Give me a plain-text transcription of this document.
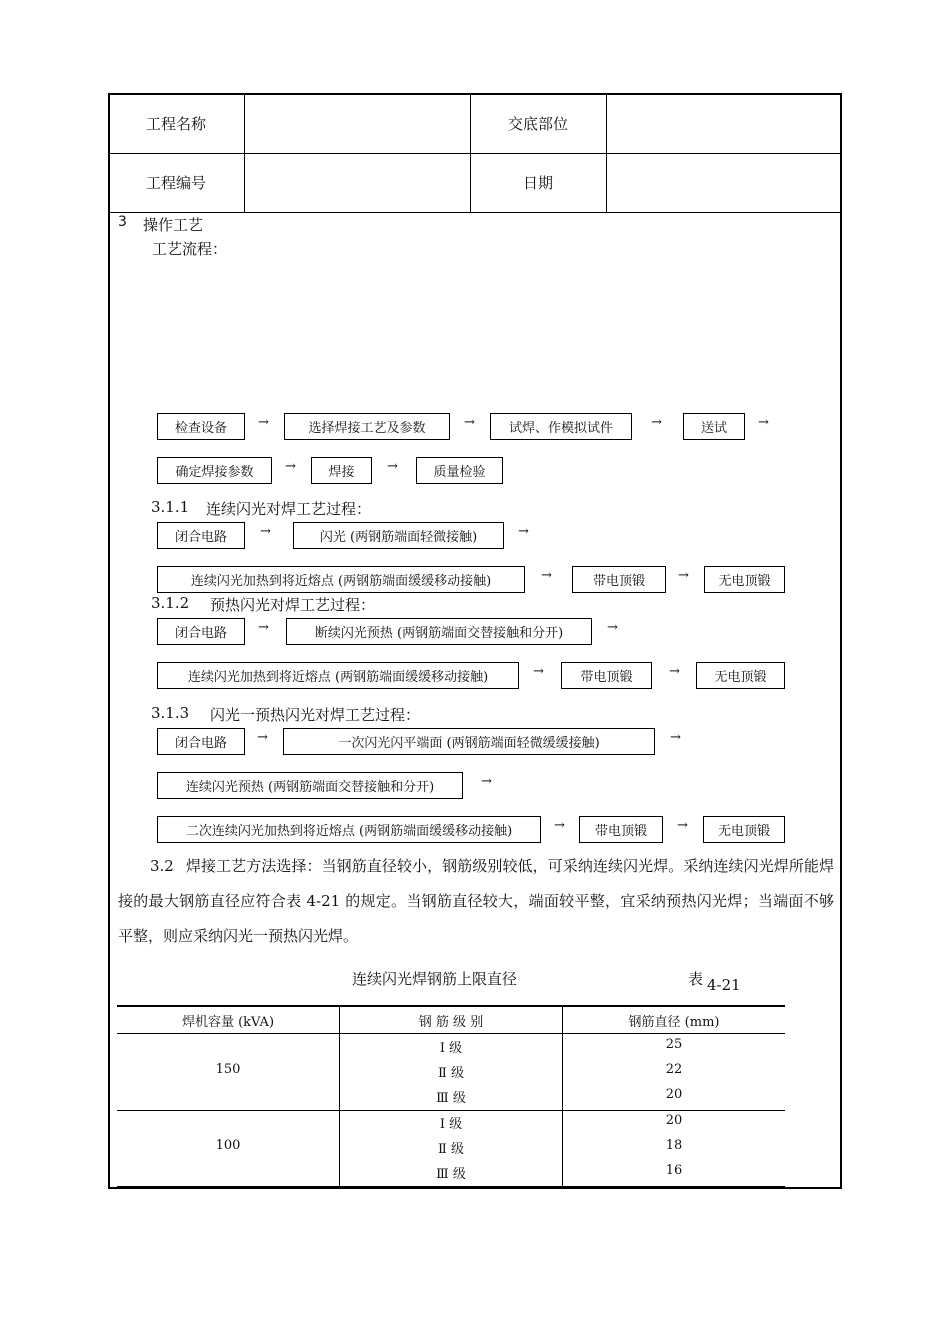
工程名称	交底部位
工程编号	日期
3 操作工艺
工艺流程：
检查设备	→	选择焊接工艺及参数	→	试焊、作模拟试件	→	送试	→
确定焊接参数	→	焊接	→	质量检验
3.1.1 连续闪光对焊工艺过程：
闭合电路	→	闪光 (两钢筋端面轻微接触)	→
连续闪光加热到将近熔点 (两钢筋端面缓缓移动接触)	→	带电顶锻	→	无电顶锻
3.1.2 预热闪光对焊工艺过程：
闭合电路	→	断续闪光预热 (两钢筋端面交替接触和分开)	→
连续闪光加热到将近熔点 (两钢筋端面缓缓移动接触)	→	带电顶锻	→	无电顶锻
3.1.3 闪光一预热闪光对焊工艺过程：
闭合电路	→	一次闪光闪平端面 (两钢筋端面轻微缓缓接触)	→
连续闪光预热 (两钢筋端面交替接触和分开)	→
二次连续闪光加热到将近熔点 (两钢筋端面缓缓移动接触)	→	带电顶锻	→	无电顶锻
3.2 焊接工艺方法选择：当钢筋直径较小，钢筋级别较低，可采纳连续闪光焊。采纳连续闪光焊所能焊接的最大钢筋直径应符合表 4-21 的规定。当钢筋直径较大，端面较平整，宜采纳预热闪光焊；当端面不够平整，则应采纳闪光一预热闪光焊。
连续闪光焊钢筋上限直径	表 4-21
焊机容量 (kVA)	钢 筋 级 别	钢筋直径 (mm)
150
Ⅰ 级	25
Ⅱ 级	22
Ⅲ 级	20
100
Ⅰ 级	20
Ⅱ 级	18
Ⅲ 级	16
